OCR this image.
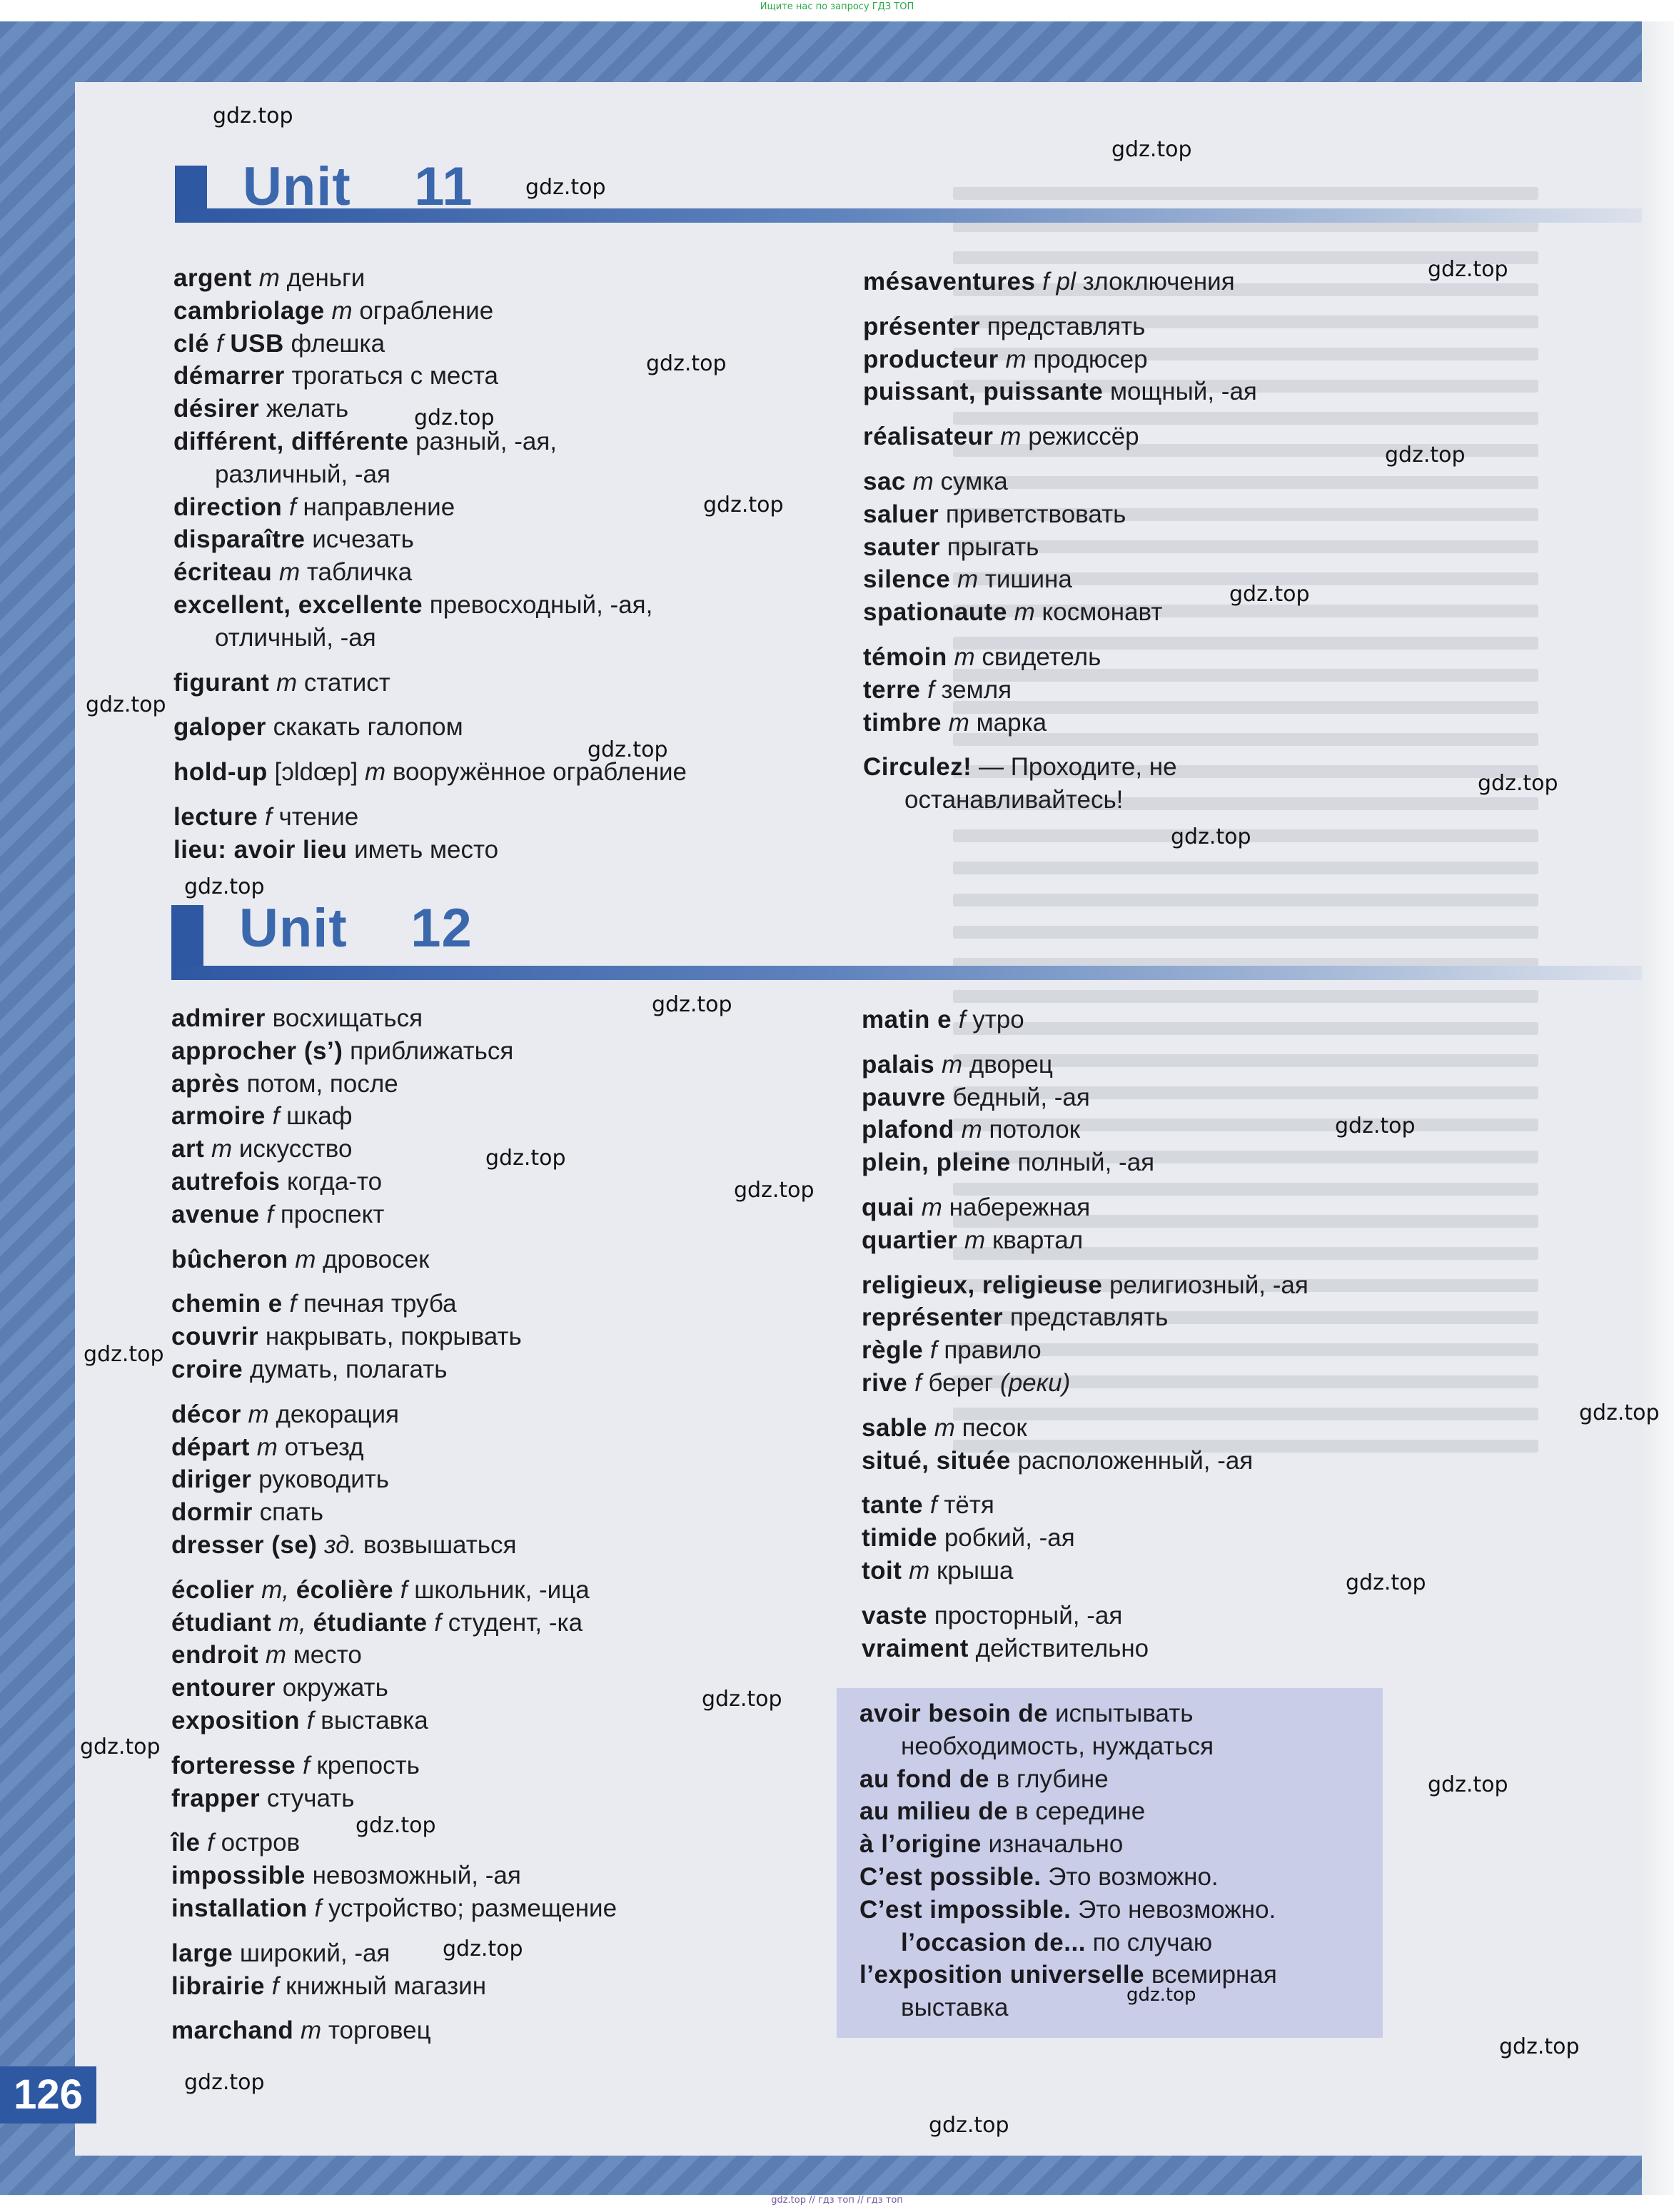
Ищите нас по запросу ГДЗ ТОП
Unit    11
Unit    12
argent m деньги
cambriolage m ограбление
clé f USB флешка
démarrer трогаться с места
désirer желать
différent, différente разный, -ая,
различный, -ая
direction f направление
disparaître исчезать
écriteau m табличка
excellent, excellente превосходный, -ая,
отличный, -ая
figurant m статист
galoper скакать галопом
hold-up [ɔldœp] m вооружённое ограбление
lecture f чтение
lieu: avoir lieu иметь место
mésaventures f pl злоключения
présenter представлять
producteur m продюсер
puissant, puissante мощный, -ая
réalisateur m режиссёр
sac m сумка
saluer приветствовать
sauter прыгать
silence m тишина
spationaute m космонавт
témoin m свидетель
terre f земля
timbre m марка
Circulez! — Проходите, не
останавливайтесь!
admirer восхищаться
approcher (s’) приближаться
après потом, после
armoire f шкаф
art m искусство
autrefois когда-то
avenue f проспект
bûcheron m дровосек
chemin e f печная труба
couvrir накрывать, покрывать
croire думать, полагать
décor m декорация
départ m отъезд
diriger руководить
dormir спать
dresser (se) зд. возвышаться
écolier m, écolière f школьник, -ица
étudiant m, étudiante f студент, -ка
endroit m место
entourer окружать
exposition f выставка
forteresse f крепость
frapper стучать
île f остров
impossible невозможный, -ая
installation f устройство; размещение
large широкий, -ая
librairie f книжный магазин
marchand m торговец
matin e f утро
palais m дворец
pauvre бедный, -ая
plafond m потолок
plein, pleine полный, -ая
quai m набережная
quartier m квартал
religieux, religieuse религиозный, -ая
représenter представлять
règle f правило
rive f берег (реки)
sable m песок
situé, située расположенный, -ая
tante f тётя
timide робкий, -ая
toit m крыша
vaste просторный, -ая
vraiment действительно
avoir besoin de испытывать
необходимость, нуждаться
au fond de в глубине
au milieu de в середине
à l’origine изначально
C’est possible. Это возможно.
C’est impossible. Это невозможно.
l’occasion de... по случаю
l’exposition universelle всемирная
выставка
126
gdz.top
gdz.top
gdz.top
gdz.top
gdz.top
gdz.top
gdz.top
gdz.top
gdz.top
gdz.top
gdz.top
gdz.top
gdz.top
gdz.top
gdz.top
gdz.top
gdz.top
gdz.top
gdz.top
gdz.top
gdz.top
gdz.top
gdz.top
gdz.top
gdz.top
gdz.top
gdz.top
gdz.top
gdz.top
gdz.top
gdz.top // гдз топ // гдз топ
